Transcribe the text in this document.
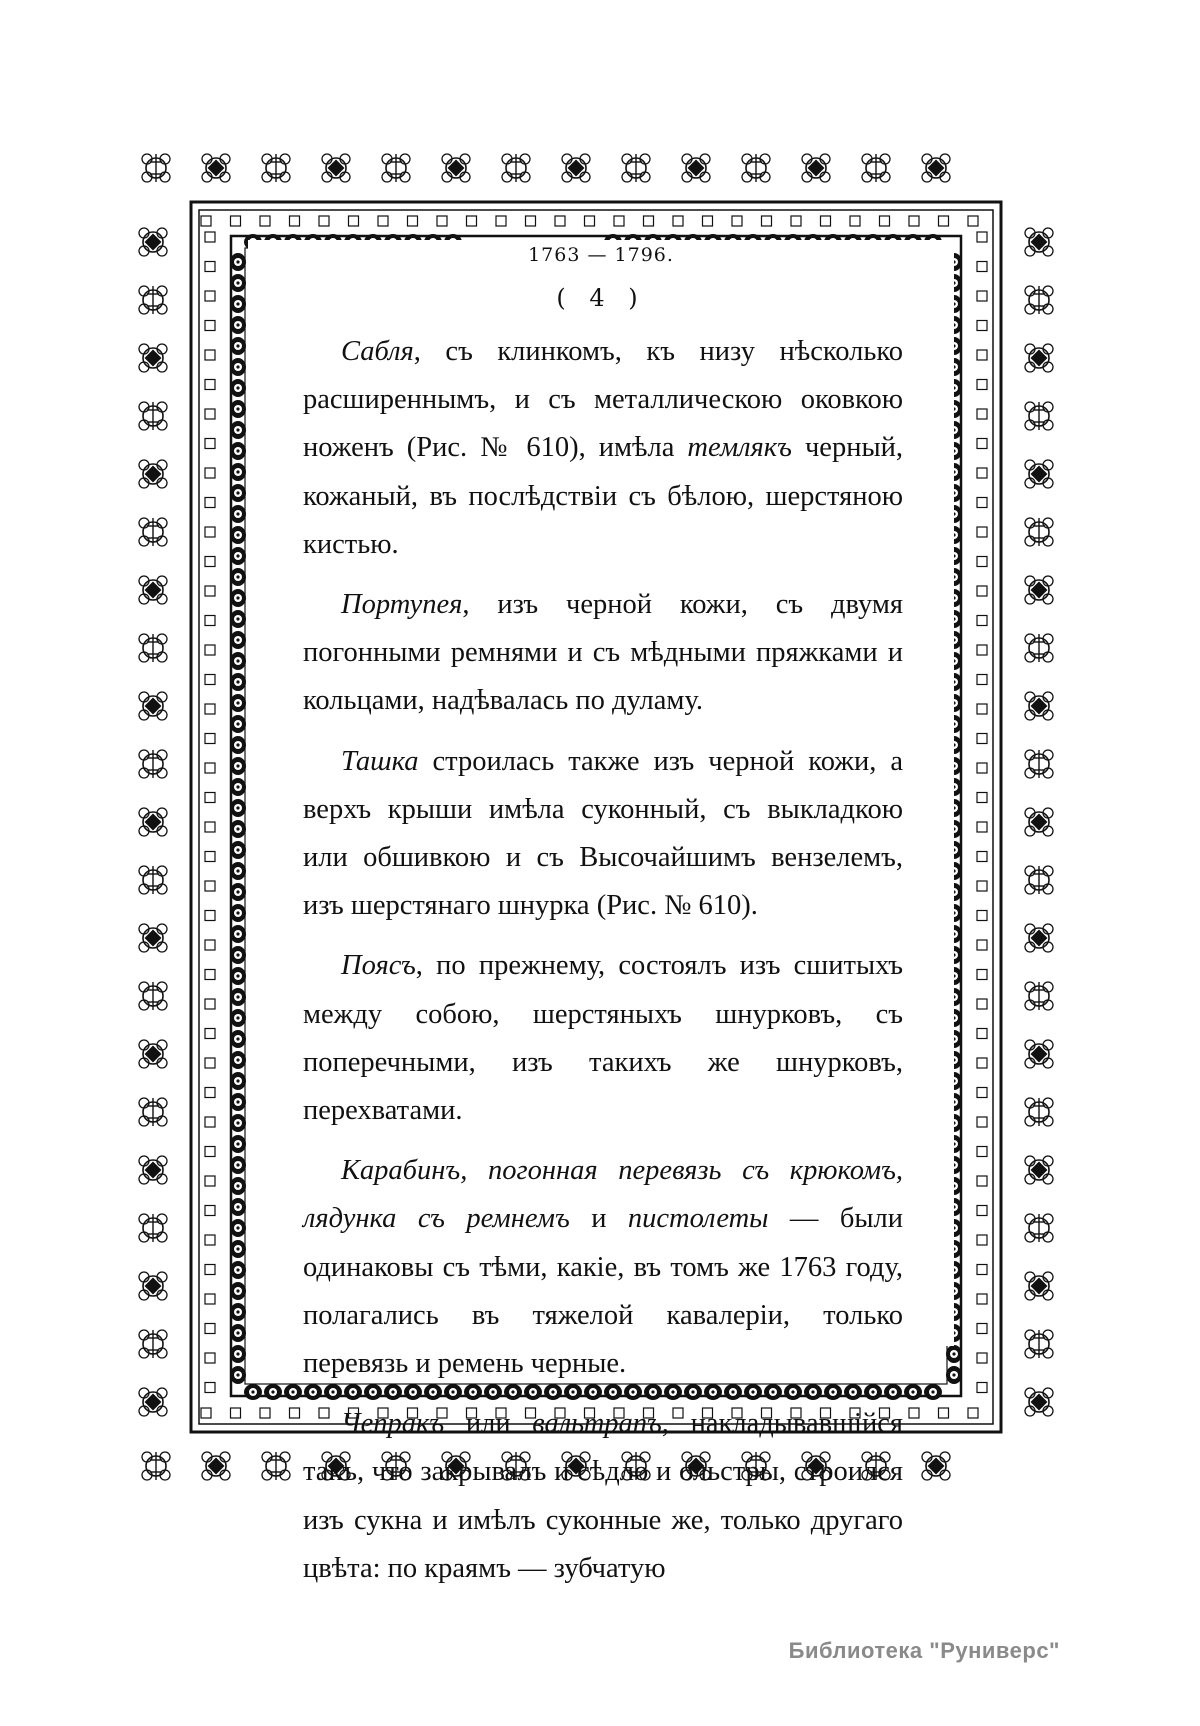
1763 — 1796.
( 4 )

Сабля, съ клинкомъ, къ низу нѣсколько расширеннымъ, и съ металлическою оковкою ноженъ (Рис. № 610), имѣла темлякъ черный, кожаный, въ послѣдствіи съ бѣлою, шерстяною кистью.

Портупея, изъ черной кожи, съ двумя погонными ремнями и съ мѣдными пряжками и кольцами, надѣвалась по дуламу.

Ташка строилась также изъ черной кожи, а верхъ крыши имѣла суконный, съ выкладкою или обшивкою и съ Высочайшимъ вензелемъ, изъ шерстянаго шнурка (Рис. № 610).

Поясъ, по прежнему, состоялъ изъ сшитыхъ между собою, шерстяныхъ шнурковъ, съ поперечными, изъ такихъ же шнурковъ, перехватами.

Карабинъ, погонная перевязь съ крюкомъ, лядунка съ ремнемъ и пистолеты — были одинаковы съ тѣми, какіе, въ томъ же 1763 году, полагались въ тяжелой кавалеріи, только перевязь и ремень черные.

Чепракъ или вальтрапъ, накладывавшійся такъ, что закрывалъ и сѣдло и ольстры, строился изъ сукна и имѣлъ суконные же, только другаго цвѣта: по краямъ — зубчатую

Библиотека "Руниверс"
